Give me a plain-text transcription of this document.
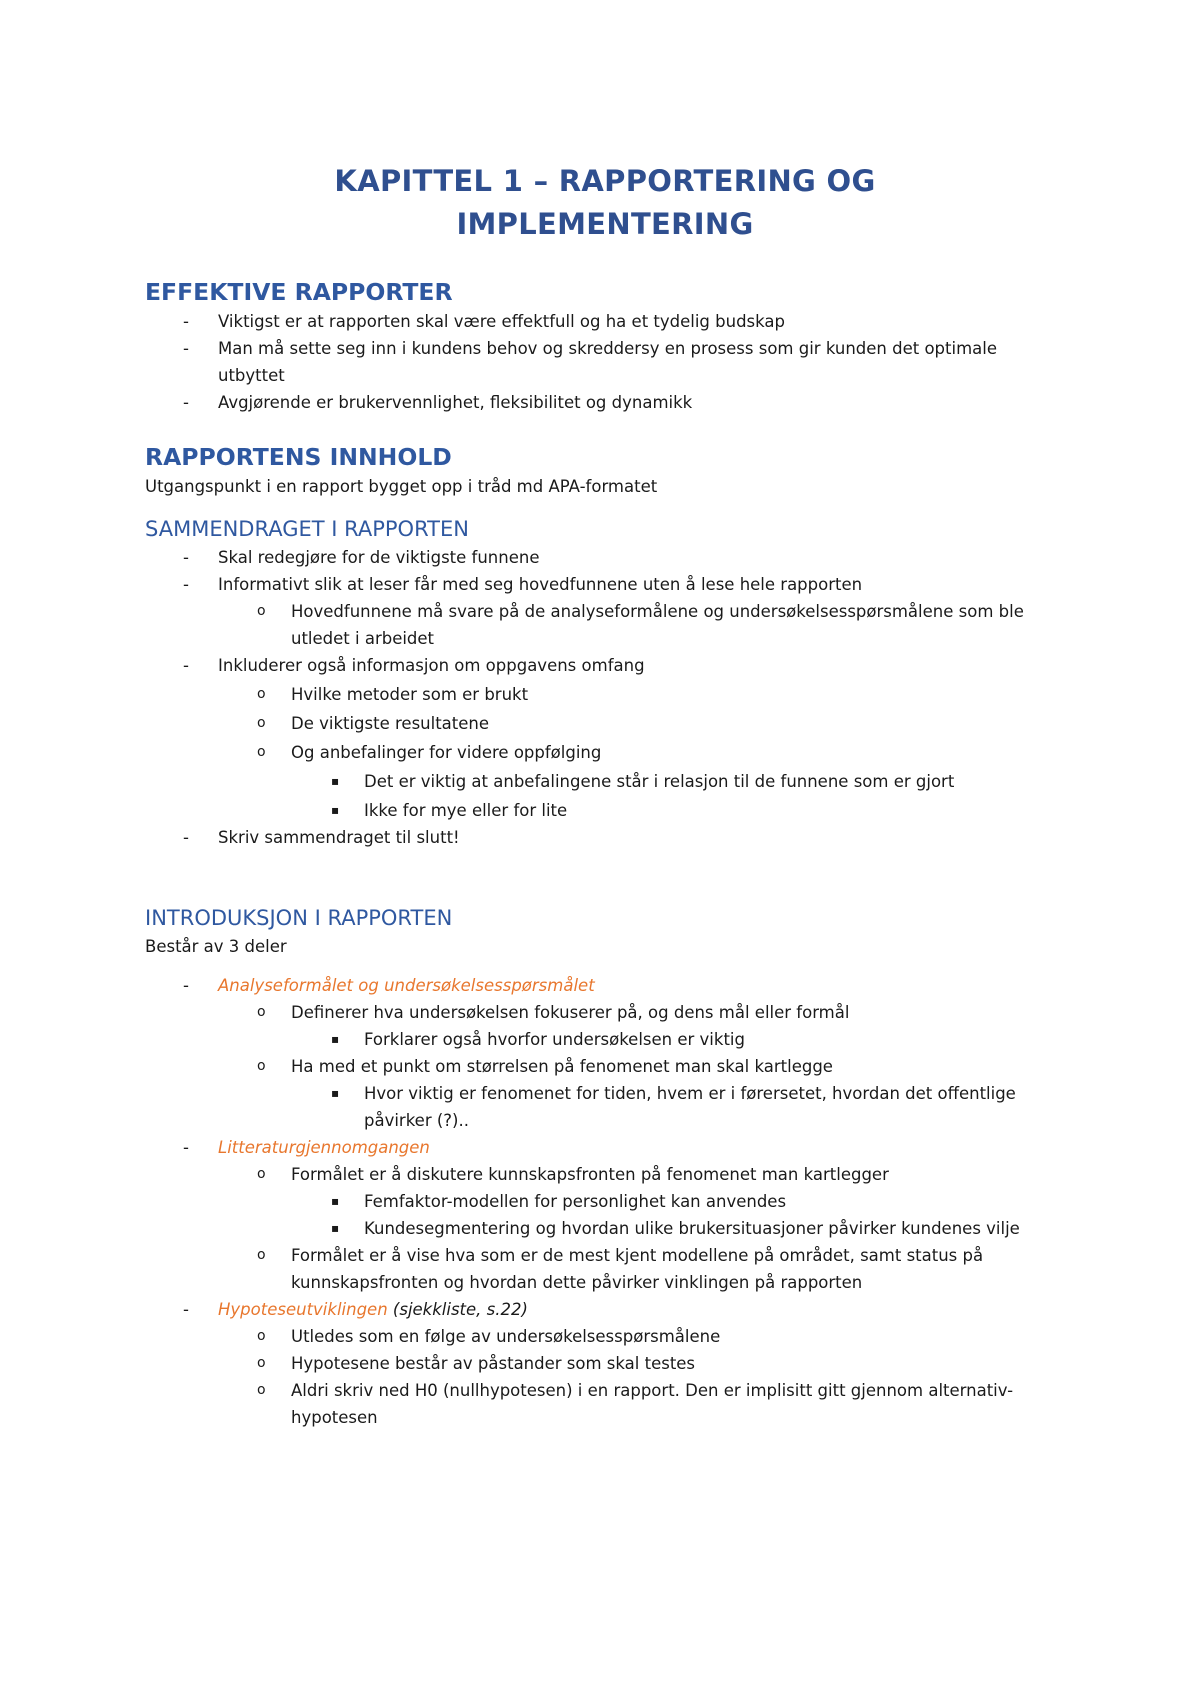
KAPITTEL 1 – RAPPORTERING OG
IMPLEMENTERING
EFFEKTIVE RAPPORTER
- Viktigst er at rapporten skal være effektfull og ha et tydelig budskap
- Man må sette seg inn i kundens behov og skreddersy en prosess som gir kunden det optimale utbyttet
- Avgjørende er brukervennlighet, fleksibilitet og dynamikk
RAPPORTENS INNHOLD

Utgangspunkt i en rapport bygget opp i tråd md APA-formatet

SAMMENDRAGET I RAPPORTEN
- Skal redegjøre for de viktigste funnene
- Informativt slik at leser får med seg hovedfunnene uten å lese hele rapporten
o Hovedfunnene må svare på de analyseformålene og undersøkelsesspørsmålene som ble utledet i arbeidet
- Inkluderer også informasjon om oppgavens omfang
o Hvilke metoder som er brukt
o De viktigste resultatene
o Og anbefalinger for videre oppfølging
▪ Det er viktig at anbefalingene står i relasjon til de funnene som er gjort
▪ Ikke for mye eller for lite
- Skriv sammendraget til slutt!
INTRODUKSJON I RAPPORTEN

Består av 3 deler

- Analyseformålet og undersøkelsesspørsmålet
o Definerer hva undersøkelsen fokuserer på, og dens mål eller formål
▪ Forklarer også hvorfor undersøkelsen er viktig
o Ha med et punkt om størrelsen på fenomenet man skal kartlegge
▪ Hvor viktig er fenomenet for tiden, hvem er i førersetet, hvordan det offentlige påvirker (?)..
- Litteraturgjennomgangen
o Formålet er å diskutere kunnskapsfronten på fenomenet man kartlegger
▪ Femfaktor-modellen for personlighet kan anvendes
▪ Kundesegmentering og hvordan ulike brukersituasjoner påvirker kundenes vilje
o Formålet er å vise hva som er de mest kjent modellene på området, samt status på kunnskapsfronten og hvordan dette påvirker vinklingen på rapporten
- Hypoteseutviklingen (sjekkliste, s.22)
o Utledes som en følge av undersøkelsesspørsmålene
o Hypotesene består av påstander som skal testes
o Aldri skriv ned H0 (nullhypotesen) i en rapport. Den er implisitt gitt gjennom alternativ-hypotesen
